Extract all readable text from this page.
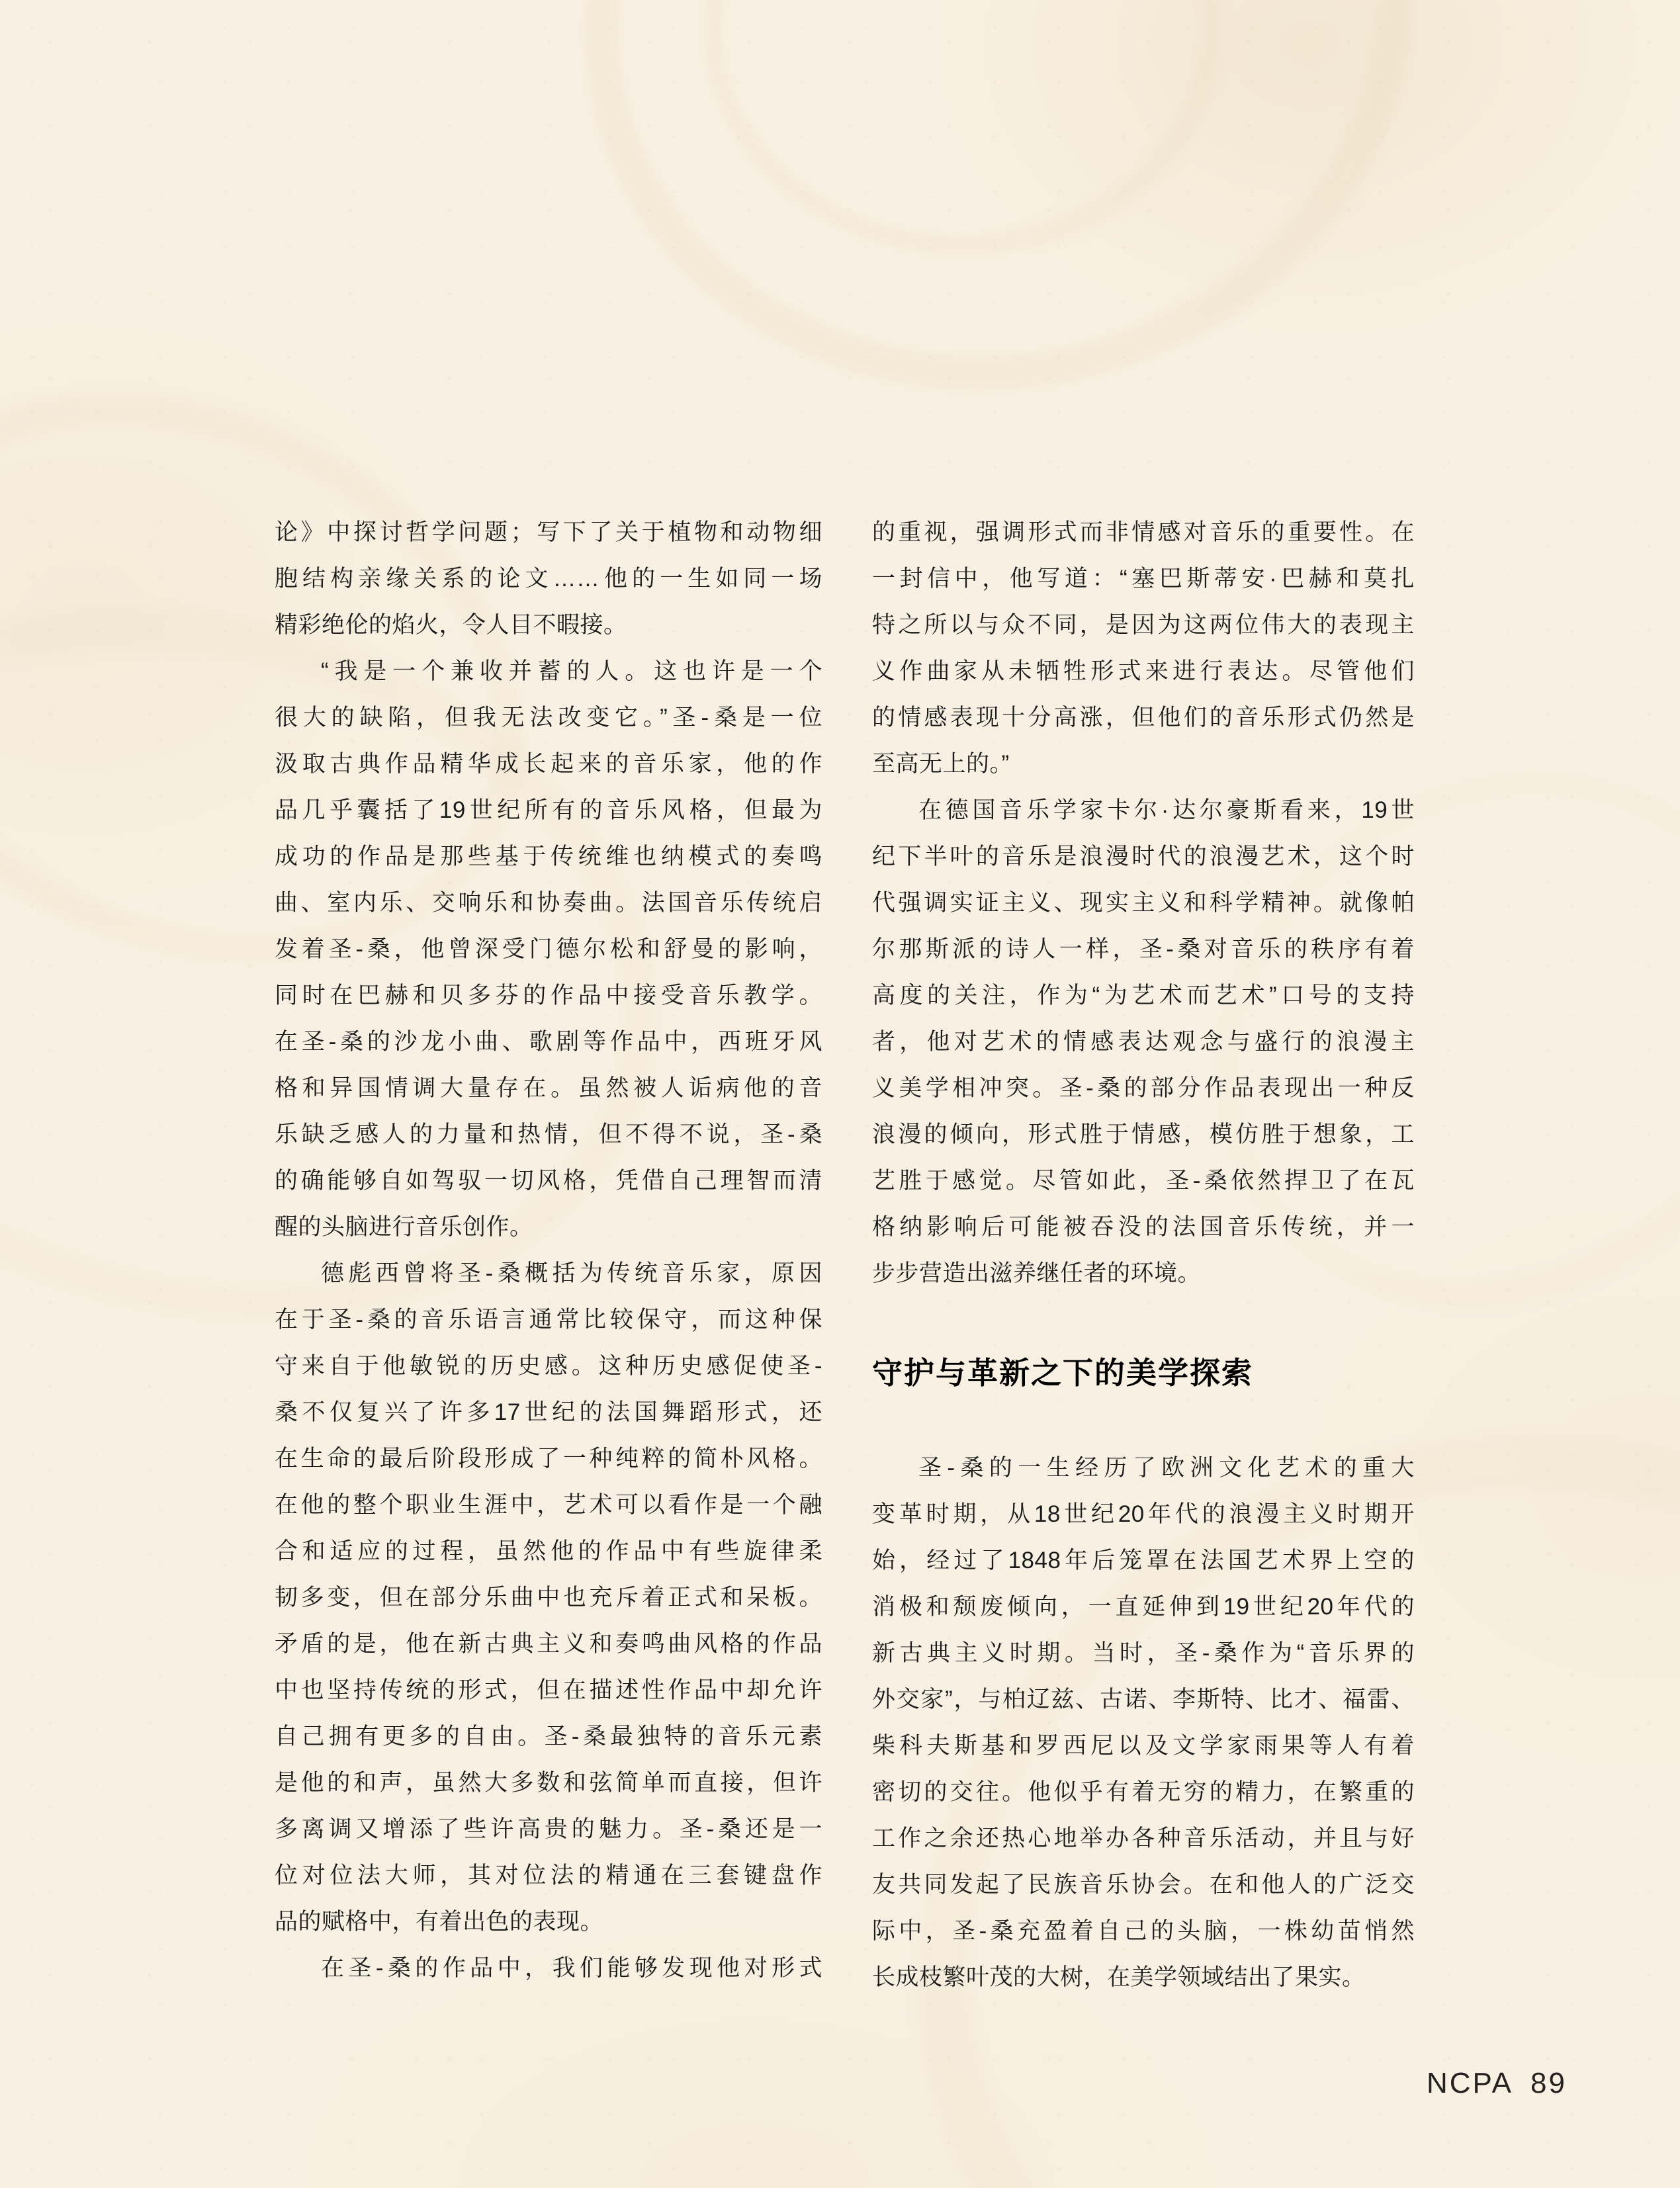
论》中探讨哲学问题；写下了关于植物和动物细
胞结构亲缘关系的论文……他的一生如同一场
精彩绝伦的焰火，令人目不暇接。
“我是一个兼收并蓄的人。这也许是一个
很大的缺陷，但我无法改变它。”圣-桑是一位
汲取古典作品精华成长起来的音乐家，他的作
品几乎囊括了19世纪所有的音乐风格，但最为
成功的作品是那些基于传统维也纳模式的奏鸣
曲、室内乐、交响乐和协奏曲。法国音乐传统启
发着圣-桑，他曾深受门德尔松和舒曼的影响，
同时在巴赫和贝多芬的作品中接受音乐教学。
在圣-桑的沙龙小曲、歌剧等作品中，西班牙风
格和异国情调大量存在。虽然被人诟病他的音
乐缺乏感人的力量和热情，但不得不说，圣-桑
的确能够自如驾驭一切风格，凭借自己理智而清
醒的头脑进行音乐创作。
德彪西曾将圣-桑概括为传统音乐家，原因
在于圣-桑的音乐语言通常比较保守，而这种保
守来自于他敏锐的历史感。这种历史感促使圣-
桑不仅复兴了许多17世纪的法国舞蹈形式，还
在生命的最后阶段形成了一种纯粹的简朴风格。
在他的整个职业生涯中，艺术可以看作是一个融
合和适应的过程，虽然他的作品中有些旋律柔
韧多变，但在部分乐曲中也充斥着正式和呆板。
矛盾的是，他在新古典主义和奏鸣曲风格的作品
中也坚持传统的形式，但在描述性作品中却允许
自己拥有更多的自由。圣-桑最独特的音乐元素
是他的和声，虽然大多数和弦简单而直接，但许
多离调又增添了些许高贵的魅力。圣-桑还是一
位对位法大师，其对位法的精通在三套键盘作
品的赋格中，有着出色的表现。
在圣-桑的作品中，我们能够发现他对形式
的重视，强调形式而非情感对音乐的重要性。在
一封信中，他写道：“塞巴斯蒂安·巴赫和莫扎
特之所以与众不同，是因为这两位伟大的表现主
义作曲家从未牺牲形式来进行表达。尽管他们
的情感表现十分高涨，但他们的音乐形式仍然是
至高无上的。”
在德国音乐学家卡尔·达尔豪斯看来，19世
纪下半叶的音乐是浪漫时代的浪漫艺术，这个时
代强调实证主义、现实主义和科学精神。就像帕
尔那斯派的诗人一样，圣-桑对音乐的秩序有着
高度的关注，作为“为艺术而艺术”口号的支持
者，他对艺术的情感表达观念与盛行的浪漫主
义美学相冲突。圣-桑的部分作品表现出一种反
浪漫的倾向，形式胜于情感，模仿胜于想象，工
艺胜于感觉。尽管如此，圣-桑依然捍卫了在瓦
格纳影响后可能被吞没的法国音乐传统，并一
步步营造出滋养继任者的环境。
守护与革新之下的美学探索
圣-桑的一生经历了欧洲文化艺术的重大
变革时期，从18世纪20年代的浪漫主义时期开
始，经过了1848年后笼罩在法国艺术界上空的
消极和颓废倾向，一直延伸到19世纪20年代的
新古典主义时期。当时，圣-桑作为“音乐界的
外交家”，与柏辽兹、古诺、李斯特、比才、福雷、
柴科夫斯基和罗西尼以及文学家雨果等人有着
密切的交往。他似乎有着无穷的精力，在繁重的
工作之余还热心地举办各种音乐活动，并且与好
友共同发起了民族音乐协会。在和他人的广泛交
际中，圣-桑充盈着自己的头脑，一株幼苗悄然
长成枝繁叶茂的大树，在美学领域结出了果实。
NCPA 89
